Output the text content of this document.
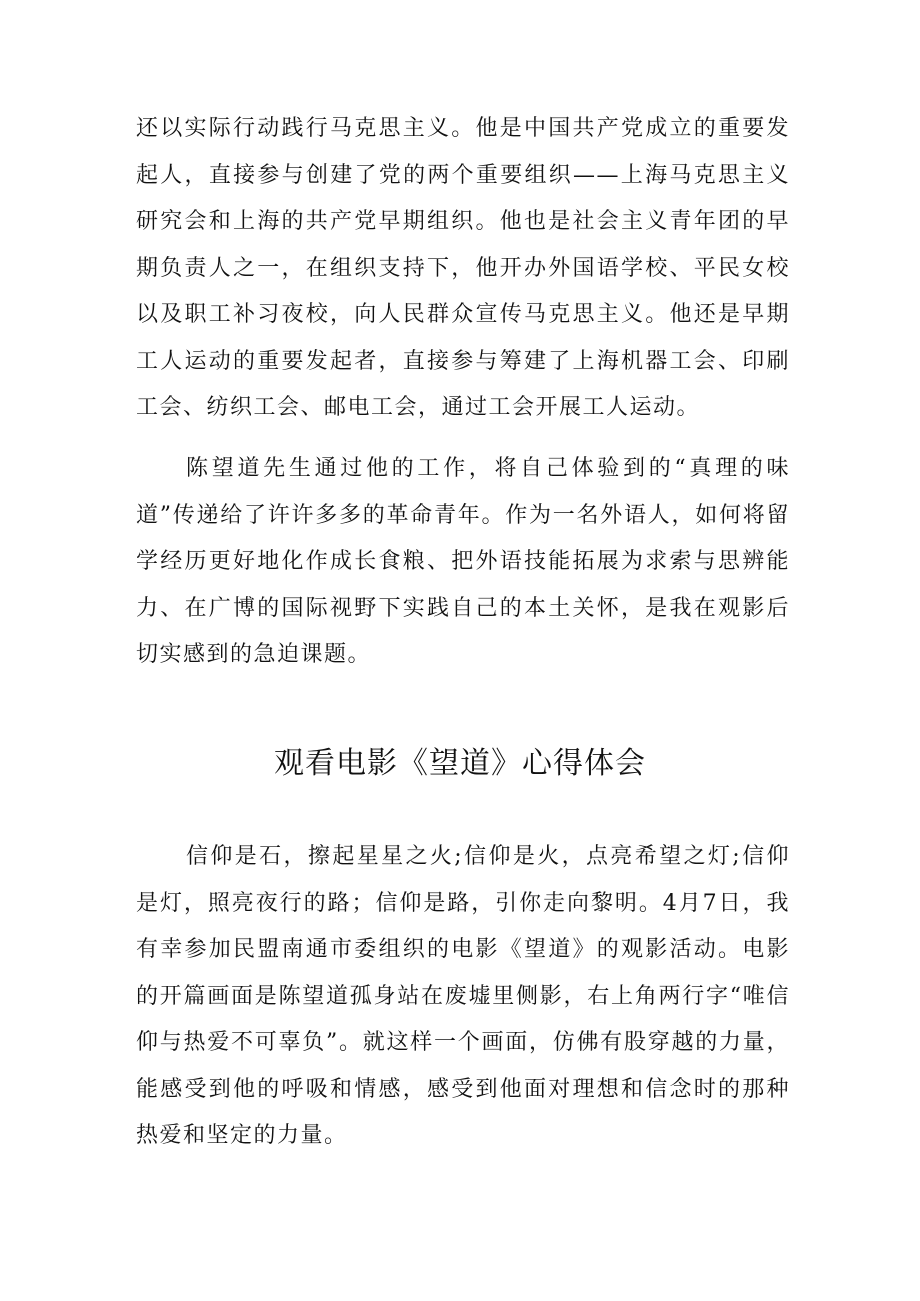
还以实际行动践行马克思主义。他是中国共产党成立的重要发起人，直接参与创建了党的两个重要组织——上海马克思主义研究会和上海的共产党早期组织。他也是社会主义青年团的早期负责人之一，在组织支持下，他开办外国语学校、平民女校以及职工补习夜校，向人民群众宣传马克思主义。他还是早期工人运动的重要发起者，直接参与筹建了上海机器工会、印刷工会、纺织工会、邮电工会，通过工会开展工人运动。

陈望道先生通过他的工作，将自己体验到的“真理的味道”传递给了许许多多的革命青年。作为一名外语人，如何将留学经历更好地化作成长食粮、把外语技能拓展为求索与思辨能力、在广博的国际视野下实践自己的本土关怀，是我在观影后切实感到的急迫课题。

观看电影《望道》心得体会

信仰是石，擦起星星之火;信仰是火，点亮希望之灯;信仰是灯，照亮夜行的路；信仰是路，引你走向黎明。4月7日，我有幸参加民盟南通市委组织的电影《望道》的观影活动。电影的开篇画面是陈望道孤身站在废墟里侧影，右上角两行字“唯信仰与热爱不可辜负”。就这样一个画面，仿佛有股穿越的力量，能感受到他的呼吸和情感，感受到他面对理想和信念时的那种热爱和坚定的力量。
